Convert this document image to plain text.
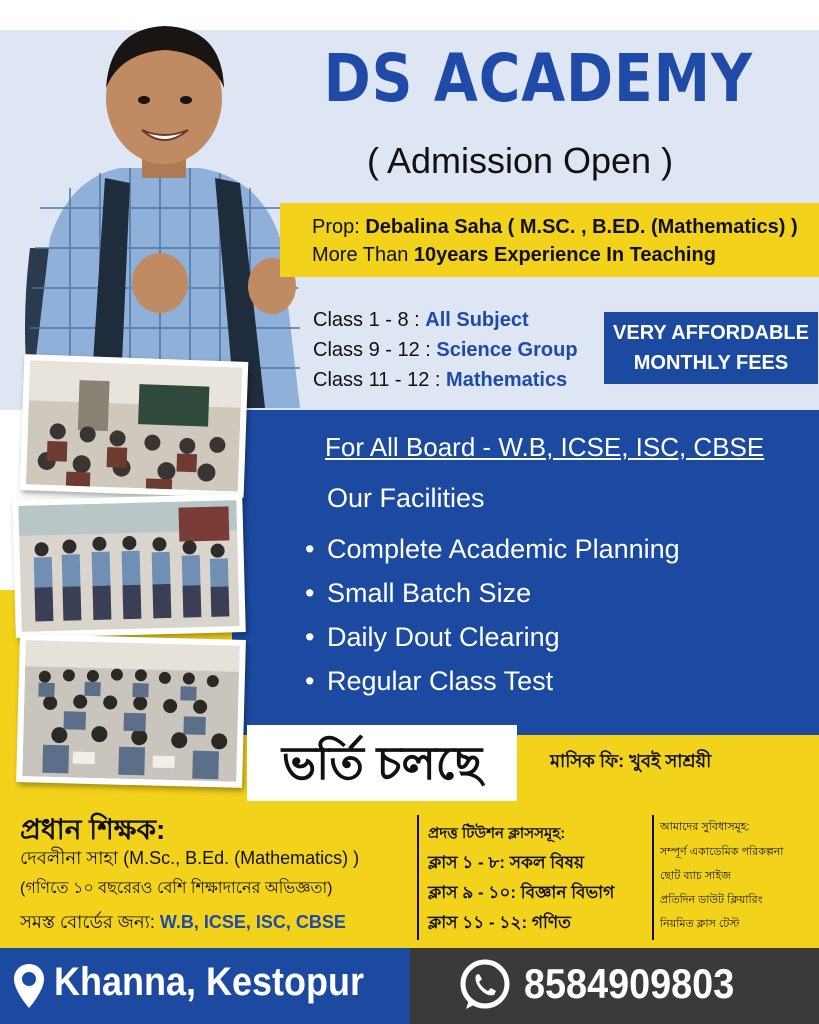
DS ACADEMY
( Admission Open )
Prop: Debalina Saha ( M.SC. , B.ED. (Mathematics) )
More Than 10years Experience In Teaching
Class 1 - 8 : All Subject
Class 9 - 12 : Science Group
Class 11 - 12 : Mathematics
VERY AFFORDABLE
MONTHLY FEES
For All Board - W.B, ICSE, ISC, CBSE
Our Facilities
• Complete Academic Planning
• Small Batch Size
• Daily Dout Clearing
• Regular Class Test
ভর্তি চলছে	মাসিক ফি: খুবই সাশ্রয়ী
প্রধান শিক্ষক:
দেবলীনা সাহা (M.Sc., B.Ed. (Mathematics) )
(গণিতে ১০ বছরেরও বেশি শিক্ষাদানের অভিজ্ঞতা)
সমস্ত বোর্ডের জন্য: W.B, ICSE, ISC, CBSE
প্রদত্ত টিউশন ক্লাসসমূহ:
ক্লাস ১ - ৮: সকল বিষয়
ক্লাস ৯ - ১০: বিজ্ঞান বিভাগ
ক্লাস ১১ - ১২: গণিত
আমাদের সুবিধাসমূহ:
সম্পূর্ণ একাডেমিক পরিকল্পনা
ছোট ব্যাচ সাইজ
প্রতিদিন ডাউট ক্লিয়ারিং
নিয়মিত ক্লাস টেস্ট
Khanna, Kestopur	8584909803
